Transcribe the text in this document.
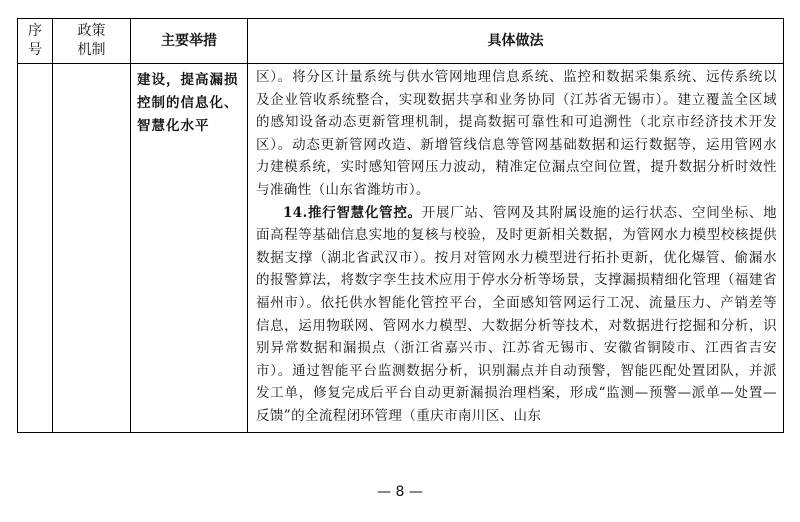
序号	政策机制	主要举措	具体做法
		建设，提高漏损控制的信息化、智慧化水平	区）。将分区计量系统与供水管网地理信息系统、监控和数据采集系统、远传系统以及企业管收系统整合，实现数据共享和业务协同（江苏省无锡市）。建立覆盖全区域的感知设备动态更新管理机制，提高数据可靠性和可追溯性（北京市经济技术开发区）。动态更新管网改造、新增管线信息等管网基础数据和运行数据等，运用管网水力建模系统，实时感知管网压力波动，精准定位漏点空间位置，提升数据分析时效性与准确性（山东省潍坊市）。

14.推行智慧化管控。开展厂站、管网及其附属设施的运行状态、空间坐标、地面高程等基础信息实地的复核与校验，及时更新相关数据，为管网水力模型校核提供数据支撑（湖北省武汉市）。按月对管网水力模型进行拓扑更新，优化爆管、偷漏水的报警算法，将数字孪生技术应用于停水分析等场景，支撑漏损精细化管理（福建省福州市）。依托供水智能化管控平台，全面感知管网运行工况、流量压力、产销差等信息，运用物联网、管网水力模型、大数据分析等技术，对数据进行挖掘和分析，识别异常数据和漏损点（浙江省嘉兴市、江苏省无锡市、安徽省铜陵市、江西省吉安市）。通过智能平台监测数据分析，识别漏点并自动预警，智能匹配处置团队，并派发工单，修复完成后平台自动更新漏损治理档案，形成“监测—预警—派单—处置—反馈”的全流程闭环管理（重庆市南川区、山东

— 8 —
